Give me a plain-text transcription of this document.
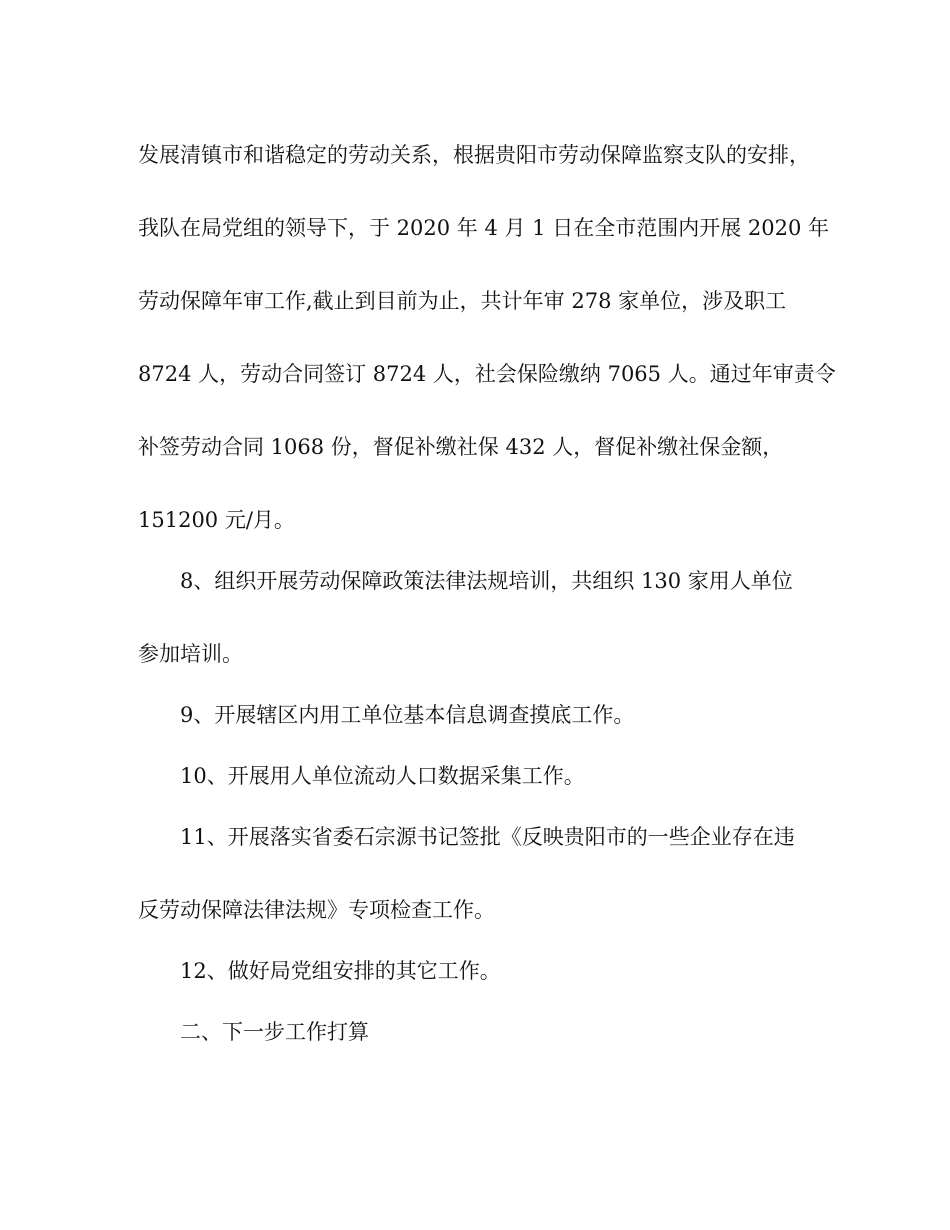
发展清镇市和谐稳定的劳动关系，根据贵阳市劳动保障监察支队的安排，
我队在局党组的领导下，于 2020 年 4 月 1 日在全市范围内开展 2020 年
劳动保障年审工作,截止到目前为止，共计年审 278 家单位，涉及职工
8724 人，劳动合同签订 8724 人，社会保险缴纳 7065 人。通过年审责令
补签劳动合同 1068 份，督促补缴社保 432 人，督促补缴社保金额，
151200 元/月。
8、组织开展劳动保障政策法律法规培训，共组织 130 家用人单位
参加培训。
9、开展辖区内用工单位基本信息调查摸底工作。
10、开展用人单位流动人口数据采集工作。
11、开展落实省委石宗源书记签批《反映贵阳市的一些企业存在违
反劳动保障法律法规》专项检查工作。
12、做好局党组安排的其它工作。
二、下一步工作打算
